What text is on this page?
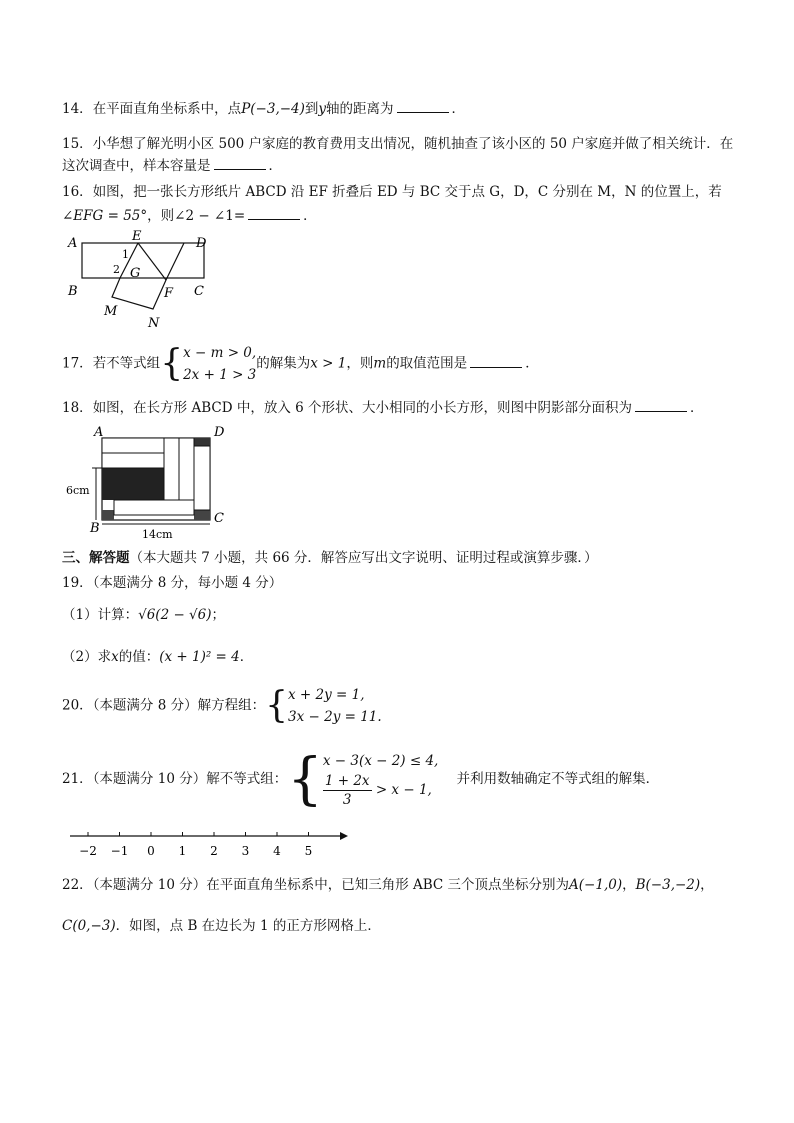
14．在平面直角坐标系中，点P(−3,−4)到y轴的距离为	．
15．小华想了解光明小区 500 户家庭的教育费用支出情况，随机抽查了该小区的 50 户家庭并做了相关统计．在
这次调查中，样本容量是	．
16．如图，把一张长方形纸片 ABCD 沿 EF 折叠后 ED 与 BC 交于点 G，D，C 分别在 M，N 的位置上，若
∠EFG = 55°，则∠2 − ∠1=	．
A	E	D
B	C
G
F
M
N
1
2
17．若不等式组{x − m > 0,
2x + 1 > 3的解集为x > 1，则m的取值范围是	．
18．如图，在长方形 ABCD 中，放入 6 个形状、大小相同的小长方形，则图中阴影部分面积为	．
A	D
B
C
6cm
14cm
三、解答题（本大题共 7 小题，共 66 分．解答应写出文字说明、证明过程或演算步骤．）
19．（本题满分 8 分，每小题 4 分）
（1）计算：√6(2 − √6)；
（2）求x的值：(x + 1)² = 4．
20．（本题满分 8 分）解方程组：{x + 2y = 1,
3x − 2y = 11.
21．（本题满分 10 分）解不等式组：{x − 3(x − 2) ≤ 4,

$\frac{1 + 2x}{3} > x - 1$, 并利用数轴确定不等式组的解集．
−2 −1 0 1 2 3 4 5
22．（本题满分 10 分）在平面直角坐标系中，已知三角形 ABC 三个顶点坐标分别为A(−1,0)，B(−3,−2)，
C(0,−3)．如图，点 B 在边长为 1 的正方形网格上．
